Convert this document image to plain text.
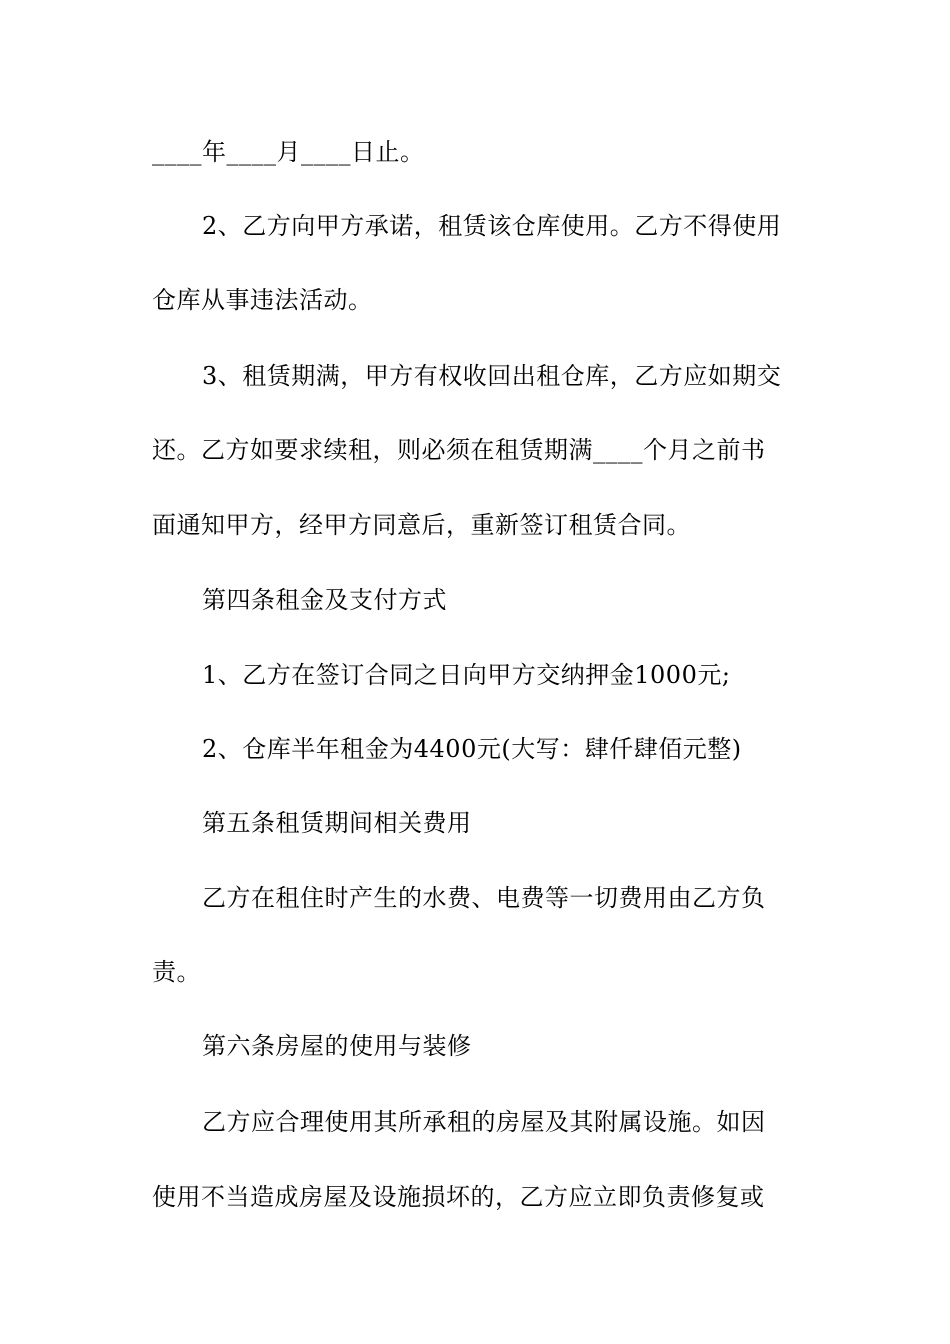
____年____月____日止。
2、乙方向甲方承诺，租赁该仓库使用。乙方不得使用
仓库从事违法活动。
3、租赁期满，甲方有权收回出租仓库，乙方应如期交
还。乙方如要求续租，则必须在租赁期满____个月之前书
面通知甲方，经甲方同意后，重新签订租赁合同。
第四条租金及支付方式
1、乙方在签订合同之日向甲方交纳押金1000元;
2、仓库半年租金为4400元(大写：肆仟肆佰元整)
第五条租赁期间相关费用
乙方在租住时产生的水费、电费等一切费用由乙方负
责。
第六条房屋的使用与装修
乙方应合理使用其所承租的房屋及其附属设施。如因
使用不当造成房屋及设施损坏的，乙方应立即负责修复或
